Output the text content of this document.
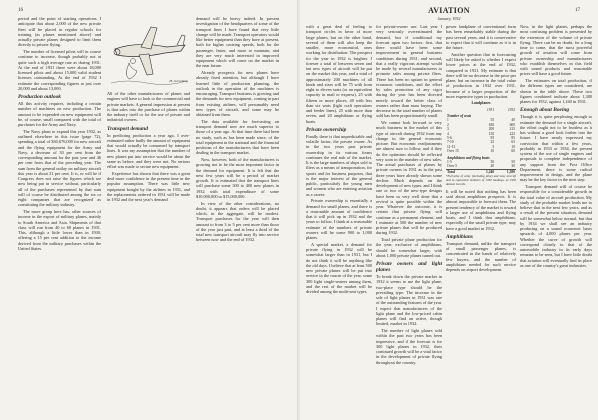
16

period and the point of starting operations. I anticipate that about 2,000 of the new private fleet will be placed in regular schools for training (as planes mentioned above) and actually private planes designed to limit them directly to private flying.

The number of licensed pilots will in course continue to increase, though probably not at quite such a high average rate as during 1931. At the end of 1931 there were about 18,000 licensed pilots and about 15,000 valid student licenses outstanding. At the end of 1932 I estimate the corresponding figures at just over 20,000 and about 13,000.

Production outlook

All this activity requires, including a certain number of machines on new production. The amount to be expended on new equipment will be, of course, small compared with the total of purchases for the Army and Navy.

The Navy plans to expand this year 1932, as outlined elsewhere in this issue (page 72), spending a total of $30,676,000 for new aircraft and the flying equipment for the Army and Navy, a decrease of 30 per cent from the corresponding amount for the past year and 46 per cent from that of the preceding year. The sum from the general outlay on military aircraft this year is about 21 per cent. It is, or will be if Congress does not raise the figures which are now being put in service without, particularly all of the purchases represented by that sum will of course be distributed among the six or eight companies that are recognized as constituting the military industry.

The more group here has, other sources of income in the export of military planes, mainly to South America and Asia. Shipments of that class will run from 40 to 60 planes in 1931. This, although a little lower than in 1930, offering a 15 per cent addition to the income derived from the military purchases within the United States.

H. Gressberg

All of the other manufacturers of planes and engines will have to look to the commercial and private markets. A general impression at present is that sales into the purchase of planes within the industry itself or for the use of private and industrial owners.

Transport demand

In predicting production a year ago, I over-estimated rather badly the amount of equipment that would actually be consumed by transport lines. It was my assumption that the number of new planes put into service would be about the same as before, and they were not. No serious effort was made to secure new equipment.

Experience has shown that there was a great deal more confidence in the present time in the popular assumption. There was little new equipment bought by the airlines in 1931, and the replacements ordered in 1931 will be made in 1932 and the next year's demand

demand will be heavy indeed. In present investigation of the headquarters of some of the transport lines I have found that very little change will be made. Transport operators would like better equipment than they have at present, both for higher cruising speeds, both for the passenger, faster, and more to maintain, and they are very much interested in improved equipment which will come on the market in the near future.

Already prospects for new planes have already fixed attention, but although I have learned little of production planning, the outlook in the operation of the machines is encouraging. Transport business is growing and the demands for new equipment, coming in part from existing airlines, will presumably need new types of aircraft, and some may be obtained from them.

The data available for forecasting on transport demand now are much superior to those of a year ago. At that time there had been no study, such as has been made since, of the total equipment in the stational and the financial positions of the manufacturers that have been dealing in the transport market.

Now, however, both of the manufacturers is growing not to be the most important factor in the demand for equipment. It is felt that the next few years will be a period of market growth. It is estimated that the transport lines will purchase some 300 to 400 new planes in 1932 with total expenditure of some $10,000,000 to $15,000,000.

In view of the other considerations, no doubt, it appears that orders will be placed which, in the aggregate, will be modest. Transport purchases for the year will then amount to from 3 to 5 per cent more than those of the year just past, and at least a third of the total new transport aircraft may fly into service between now and the end of 1932.

AVIATION
January, 1932
17

with a great deal of feeling to transport circles in favor of more large planes, but on the other hand, several of them will also keep the smaller, more economical, ones working for distribution. The prospect for the year in 1932 is brighter. I foresee a total of between seven and ten new types of aircraft will be put on the market this year, and a total of approximately 200 machines of all kinds and sizes will be 75 with from eight to eleven seats (or an equivalent capacity in mail or express), 25 with fifteen or more places, 40 with less than six seats (light craft operations and feeder lines), 25 with more than seven, and 20 amphibians or flying boats.

Private ownership

Finally there is that unpredictable and volatile factor, the private owner. As in the two years past private ownership in its various forms continues the real nub of the market. It is the large numbers of ships sold to fliers as a means of transportation, for sports and for business purposes, that is the major interest of the general public, particularly the young men and women who are entering aviation as a career.

Private ownership is essentially a demand for small planes, and there is a reasonable amount of confidence that it will pick up in 1932 and the years to follow. I think at a reasonable estimate of the numbers of private owners will be some 900 to 1,000 planes.

A special market, a demand for private flying in 1932 will be somewhat larger than in 1931, but I do not think it will be anything like the old days. I believe that at least 500 new private planes will be put into service in the course of the year, some 300 light single-seaters among them, and the rest of the market will be divided among the multi-seat types.

for private-owner use. Last year I very seriously overestimated the demand, but if conditional my forecast upon two factors: first, that there would have been some improvement in general business conditions during 1931, and second, that a really vigorous attempt would be made by several manufacturers to promote sales among private fliers. There has been no upturn in general economic conditions, and the effort by sales promotion of any vigor during the year has been directed merely toward the better class of owners rather than mass buying. The decrease in the total number of planes sold has been proportionately small.

We cannot look forward to very much business in the market of this type of aircraft during 1932 from any change in the general economic picture. But economic readjustments are almost sure to follow, and if they do the optimism should be reflected very soon in the number of new sales. The actual purchases of planes by private owners in 1931 as in the past three years have already shown some decline. Much depends on the development of new types, and I think one or two of the new-type designs have been so very well done that a revival is quite possible within the year. Whatever the outcome, it is certain that private flying will continue as a permanent element, and I estimate at 500 the number of new private planes that will be produced during 1932.

Total private plane production for the year, exclusive of amphibians, should be somewhat larger, with about 1,000 private planes turned out.

Private owners and light planes

To break down the private market in 1932 it seems to me the light plane, two-place type should be the prevailing type. The increase in the sale of light planes in 1931 was one of the outstanding features of the year. I expect that manufacturers of the light plane and the low-priced cabin planes will find an active, though limited, market in 1932.

The number of light planes sold within the past two years has been impressive, and if the forecast is for 300 light planes in 1932, their continued growth will be a vital factor in the development of private flying throughout the country.

power landplane of conventional form has been remarkably stable during the past several years, and it is conservative to expect that it will continue as it is in the future.

Another question that in forecasting will likely be asked is whether I expect lower prices at the end of 1932, compared to 1931. My estimate is that there will be no decrease in the price per plane, but an increase in the total value of production in 1932 over 1931, because of a larger proportion of the more expensive types in production.

Landplanes
	1931	1932
Number of seats		
1	55	40
2	630	600
3	200	215
4	150	225
5-6	95	85
7-10	25	65
11-15	5	10
Over 15	10	60
Amphibians and flying boats		
1-5	50	50
Over 5	20	30
Total	1,240	1,380
*Exclusive of army (including pilot) and navy aircraft and to equivalent numbers of 1930 landings, as 1930 dataset records.

It will be noted that nothing has been said about amphibian prospects. It is almost impossible to forecast them. The present tendency of the market is toward a larger use of amphibians and flying boats, and I think that amphibians, especially of the small private type, may have a good market in 1932.

Amphibians

Transport demand, unlike the transport of small passenger planes, is concentrated in the hands of relatively few buyers, and the number of amphibians needed for such service depends on airport development.

Now, in the light planes, perhaps the most confusing problem is presented by the extension of the volume of private flying. There can be no doubt, for a long time to come, that the most powerful growth of aviation will come from private ownership and manufacturers who establish themselves in this field with sound products and reasonable prices will have a good future.

The estimates on total production, if the different types are considered, are shown in the table above. These two figures combined indicate about 1,380 planes for 1932, against 1,240 in 1931.

Enough about Boeing

Though it is quite perplexing enough to estimate the demand for a single aircraft, the effort ought not to be fruitless as it has without a good look further into the future. I have nearly expressed my conviction that within a few years, probably in 1933 or 1934, the present system of the use of single engines and proposals to complete independence of any support from the Post Office Department, there is some radical improvement in design, and the plane may be the key factor in the next step.

Transport demand will of course be responsible for a considerable growth in the total value of aircraft production. My study of the probable market leads me to believe that in the next few years, and as a result of the present situation, demand will be somewhat below normal, but that by 1934 we shall see an industry producing on a sound economic basis upwards of 4,000 planes per year. Whether the curve of growth will correspond closely to that of the automobile industry in its early days remains to be seen, but I have little doubt that aviation will eventually find its place as one of the country's great industries.
